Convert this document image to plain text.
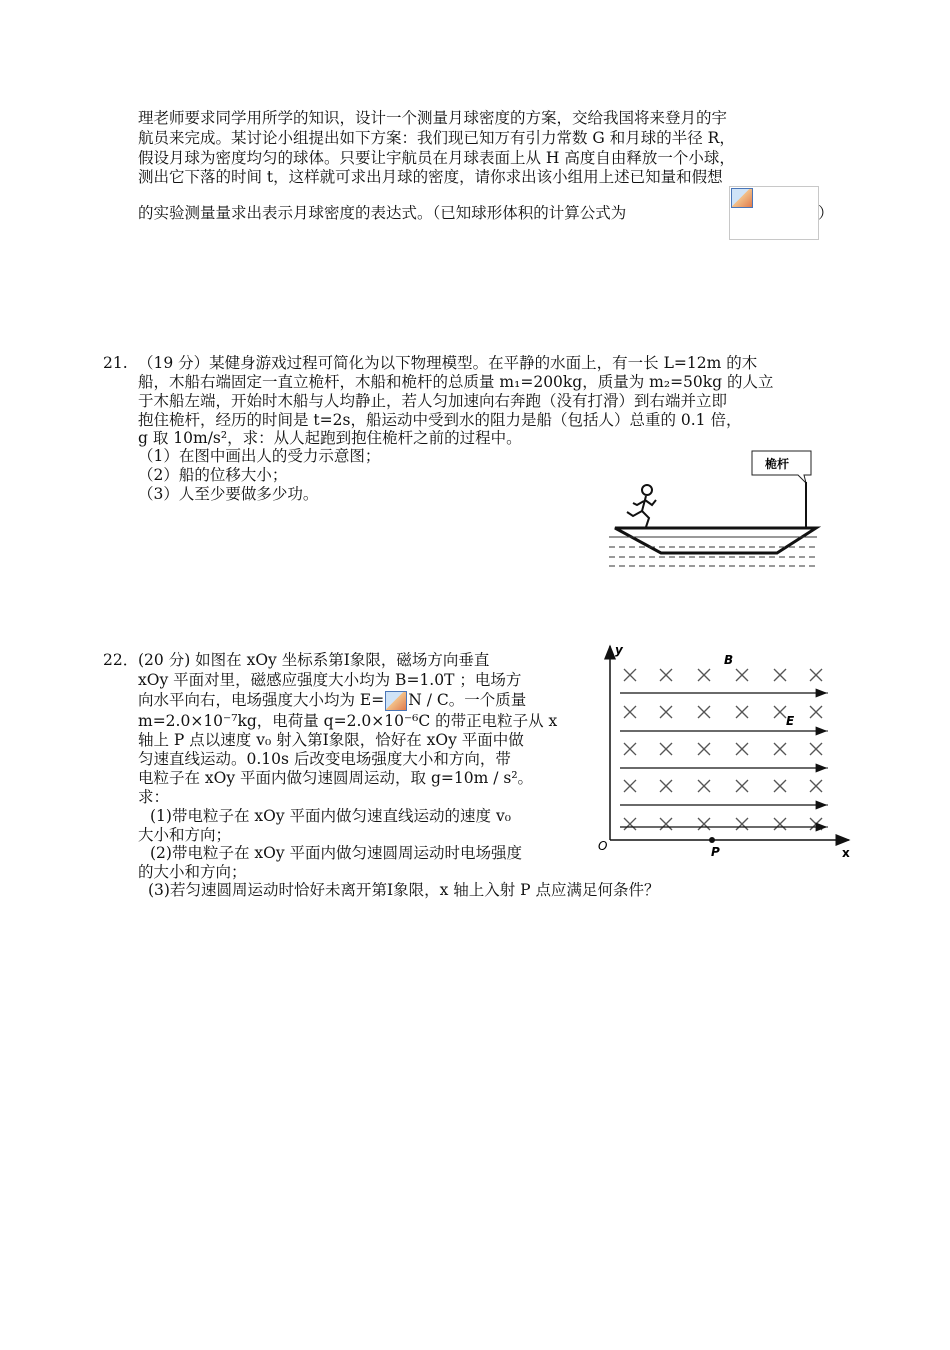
理老师要求同学用所学的知识，设计一个测量月球密度的方案，交给我国将来登月的宇
航员来完成。某讨论小组提出如下方案：我们现已知万有引力常数 G 和月球的半径 R，
假设月球为密度均匀的球体。只要让宇航员在月球表面上从 H 高度自由释放一个小球，
测出它下落的时间 t，这样就可求出月球的密度，请你求出该小组用上述已知量和假想
的实验测量量求出表示月球密度的表达式。（已知球形体积的计算公式为	）
21. （19 分）某健身游戏过程可简化为以下物理模型。在平静的水面上，有一长 L=12m 的木
船，木船右端固定一直立桅杆，木船和桅杆的总质量 m₁=200kg，质量为 m₂=50kg 的人立
于木船左端，开始时木船与人均静止，若人匀加速向右奔跑（没有打滑）到右端并立即
抱住桅杆，经历的时间是 t=2s，船运动中受到水的阻力是船（包括人）总重的 0.1 倍，
g 取 10m/s²，求：从人起跑到抱住桅杆之前的过程中。
（1）在图中画出人的受力示意图；
（2）船的位移大小；
（3）人至少要做多少功。
桅杆
22． (20 分) 如图在 xOy 坐标系第Ⅰ象限，磁场方向垂直
xOy 平面对里，磁感应强度大小均为 B=1.0T ；电场方
向水平向右，电场强度大小均为 E= N / C。一个质量
m=2.0×10⁻⁷kg，电荷量 q=2.0×10⁻⁶C 的带正电粒子从 x
轴上 P 点以速度 v₀ 射入第Ⅰ象限，恰好在 xOy 平面中做
匀速直线运动。0.10s 后改变电场强度大小和方向，带
电粒子在 xOy 平面内做匀速圆周运动，取 g=10m / s²。
求：
(1)带电粒子在 xOy 平面内做匀速直线运动的速度 v₀
大小和方向；
(2)带电粒子在 xOy 平面内做匀速圆周运动时电场强度
的大小和方向；
(3)若匀速圆周运动时恰好未离开第Ⅰ象限，x 轴上入射 P 点应满足何条件？
y
x
O
B
E
P
